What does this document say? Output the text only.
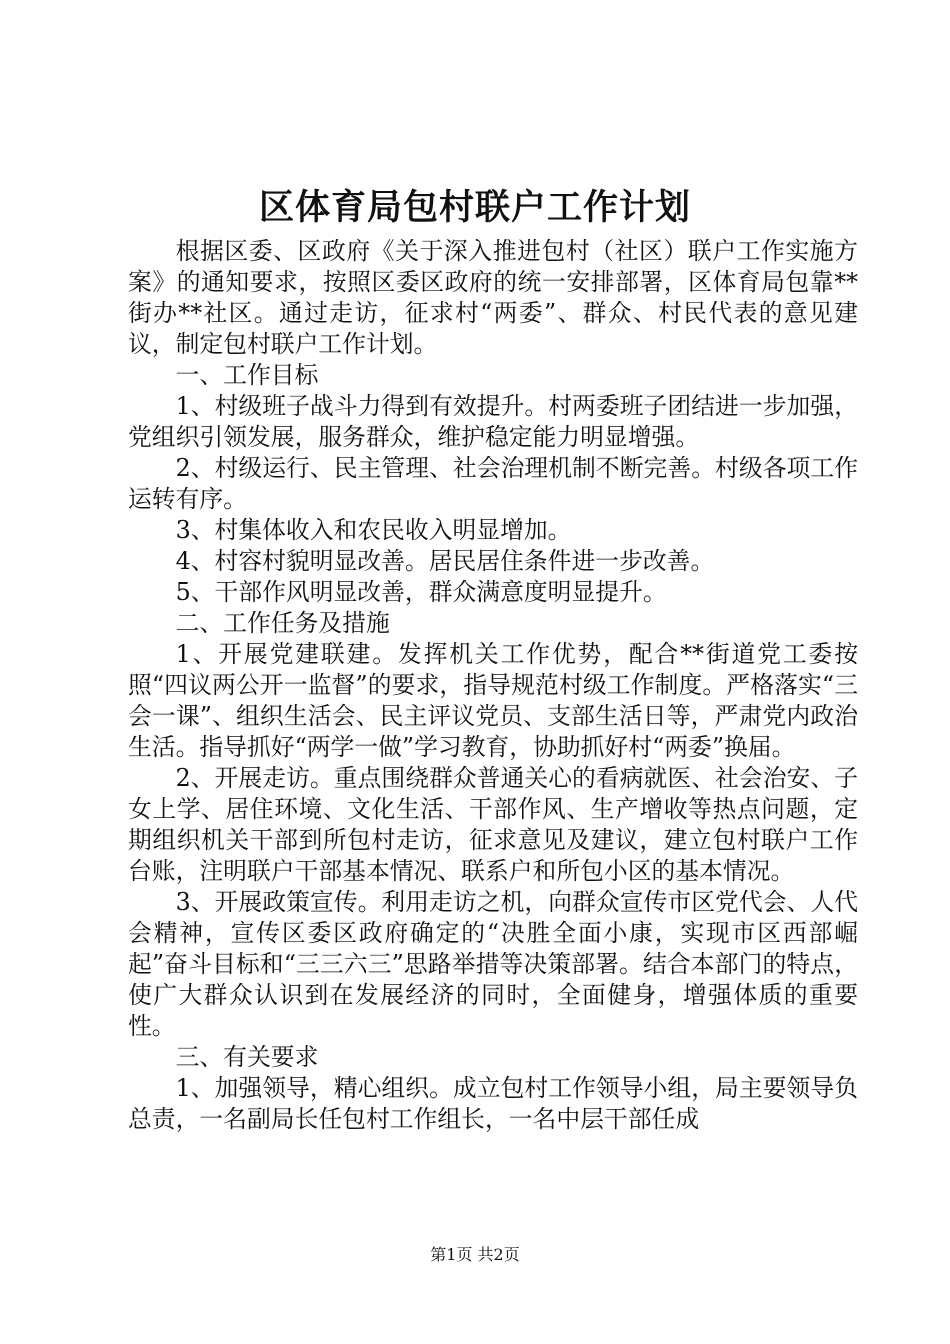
区体育局包村联户工作计划

根据区委、区政府《关于深入推进包村（社区）联户工作实施方案》的通知要求，按照区委区政府的统一安排部署，区体育局包靠**街办**社区。通过走访，征求村“两委”、群众、村民代表的意见建议，制定包村联户工作计划。

一、工作目标

1、村级班子战斗力得到有效提升。村两委班子团结进一步加强，党组织引领发展，服务群众，维护稳定能力明显增强。

2、村级运行、民主管理、社会治理机制不断完善。村级各项工作运转有序。

3、村集体收入和农民收入明显增加。

4、村容村貌明显改善。居民居住条件进一步改善。

5、干部作风明显改善，群众满意度明显提升。

二、工作任务及措施

1、开展党建联建。发挥机关工作优势，配合**街道党工委按照“四议两公开一监督”的要求，指导规范村级工作制度。严格落实“三会一课”、组织生活会、民主评议党员、支部生活日等，严肃党内政治生活。指导抓好“两学一做”学习教育，协助抓好村“两委”换届。

2、开展走访。重点围绕群众普通关心的看病就医、社会治安、子女上学、居住环境、文化生活、干部作风、生产增收等热点问题，定期组织机关干部到所包村走访，征求意见及建议，建立包村联户工作台账，注明联户干部基本情况、联系户和所包小区的基本情况。

3、开展政策宣传。利用走访之机，向群众宣传市区党代会、人代会精神，宣传区委区政府确定的“决胜全面小康，实现市区西部崛起”奋斗目标和“三三六三”思路举措等决策部署。结合本部门的特点，使广大群众认识到在发展经济的同时，全面健身，增强体质的重要性。

三、有关要求

1、加强领导，精心组织。成立包村工作领导小组，局主要领导负总责，一名副局长任包村工作组长，一名中层干部任成

第1页 共2页
